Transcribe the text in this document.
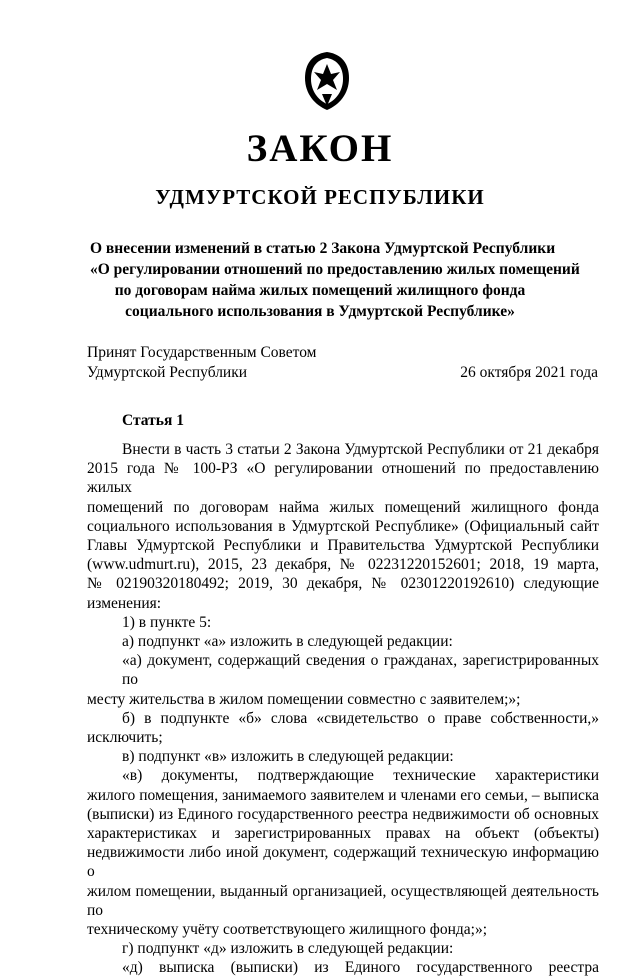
ЗАКОН
УДМУРТСКОЙ РЕСПУБЛИКИ
О внесении изменений в статью 2 Закона Удмуртской Республики
«О регулировании отношений по предоставлению жилых помещений
по договорам найма жилых помещений жилищного фонда
социального использования в Удмуртской Республике»
Принят Государственным Советом
Удмуртской Республики	26 октября 2021 года
Статья 1
Внести в часть 3 статьи 2 Закона Удмуртской Республики от 21 декабря
2015 года № 100-РЗ «О регулировании отношений по предоставлению жилых
помещений по договорам найма жилых помещений жилищного фонда
социального использования в Удмуртской Республике» (Официальный сайт
Главы Удмуртской Республики и Правительства Удмуртской Республики
(www.udmurt.ru), 2015, 23 декабря, № 02231220152601; 2018, 19 марта,
№ 02190320180492; 2019, 30 декабря, № 02301220192610) следующие изменения:
1) в пункте 5:
а) подпункт «а» изложить в следующей редакции:
«а) документ, содержащий сведения о гражданах, зарегистрированных по
месту жительства в жилом помещении совместно с заявителем;»;
б) в подпункте «б» слова «свидетельство о праве собственности,»
исключить;
в) подпункт «в» изложить в следующей редакции:
«в) документы, подтверждающие технические характеристики
жилого помещения, занимаемого заявителем и членами его семьи, – выписка
(выписки) из Единого государственного реестра недвижимости об основных
характеристиках и зарегистрированных правах на объект (объекты)
недвижимости либо иной документ, содержащий техническую информацию о
жилом помещении, выданный организацией, осуществляющей деятельность по
техническому учёту соответствующего жилищного фонда;»;
г) подпункт «д» изложить в следующей редакции:
«д) выписка (выписки) из Единого государственного реестра
